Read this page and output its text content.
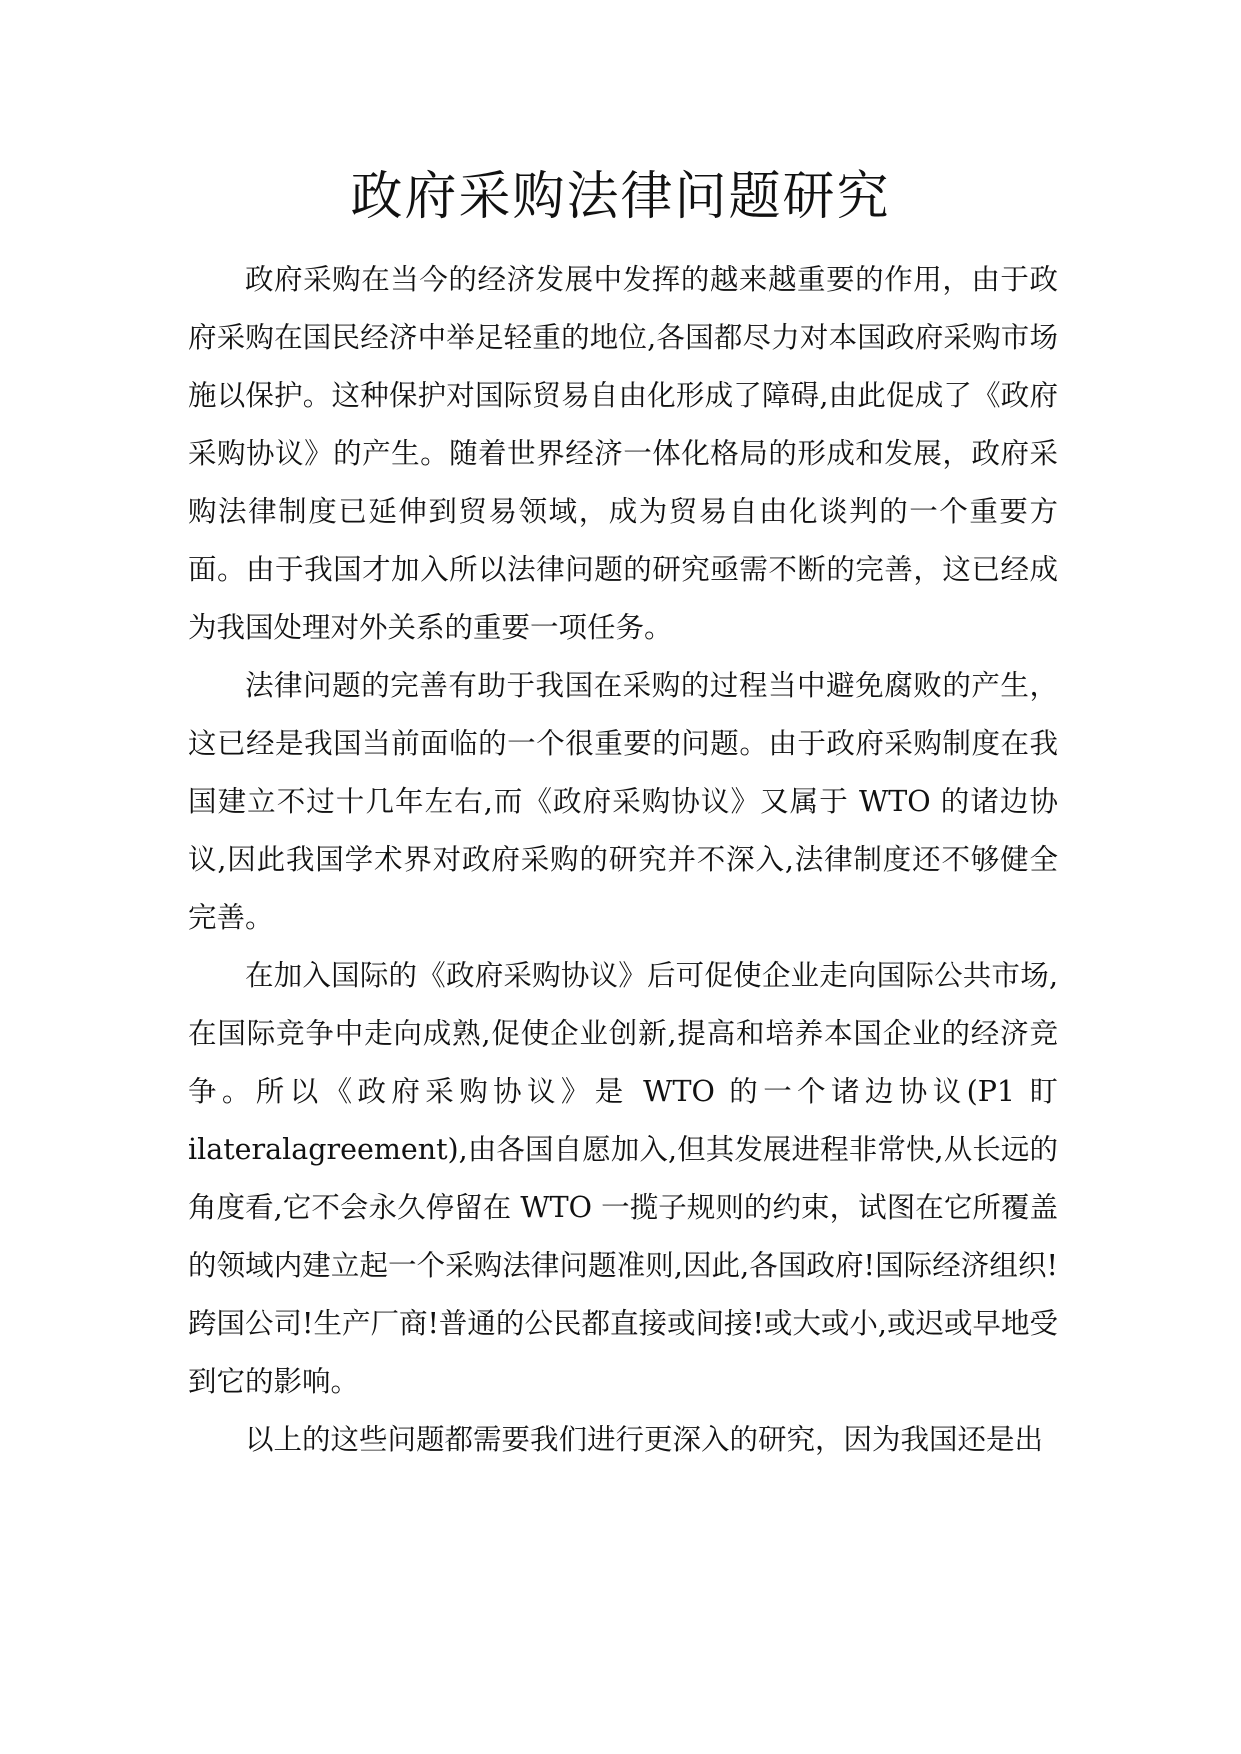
政府采购法律问题研究

政府采购在当今的经济发展中发挥的越来越重要的作用，由于政府采购在国民经济中举足轻重的地位,各国都尽力对本国政府采购市场施以保护。这种保护对国际贸易自由化形成了障碍,由此促成了《政府采购协议》的产生。随着世界经济一体化格局的形成和发展，政府采购法律制度已延伸到贸易领域，成为贸易自由化谈判的一个重要方面。由于我国才加入所以法律问题的研究亟需不断的完善，这已经成为我国处理对外关系的重要一项任务。

法律问题的完善有助于我国在采购的过程当中避免腐败的产生，这已经是我国当前面临的一个很重要的问题。由于政府采购制度在我国建立不过十几年左右,而《政府采购协议》又属于 WTO 的诸边协议,因此我国学术界对政府采购的研究并不深入,法律制度还不够健全完善。

在加入国际的《政府采购协议》后可促使企业走向国际公共市场,在国际竞争中走向成熟,促使企业创新,提高和培养本国企业的经济竞争。所以《政府采购协议》是 WTO 的一个诸边协议(P1 盯ilateralagreement),由各国自愿加入,但其发展进程非常快,从长远的角度看,它不会永久停留在 WTO 一揽子规则的约束，试图在它所覆盖的领域内建立起一个采购法律问题准则,因此,各国政府!国际经济组织!跨国公司!生产厂商!普通的公民都直接或间接!或大或小,或迟或早地受到它的影响。

以上的这些问题都需要我们进行更深入的研究，因为我国还是出
